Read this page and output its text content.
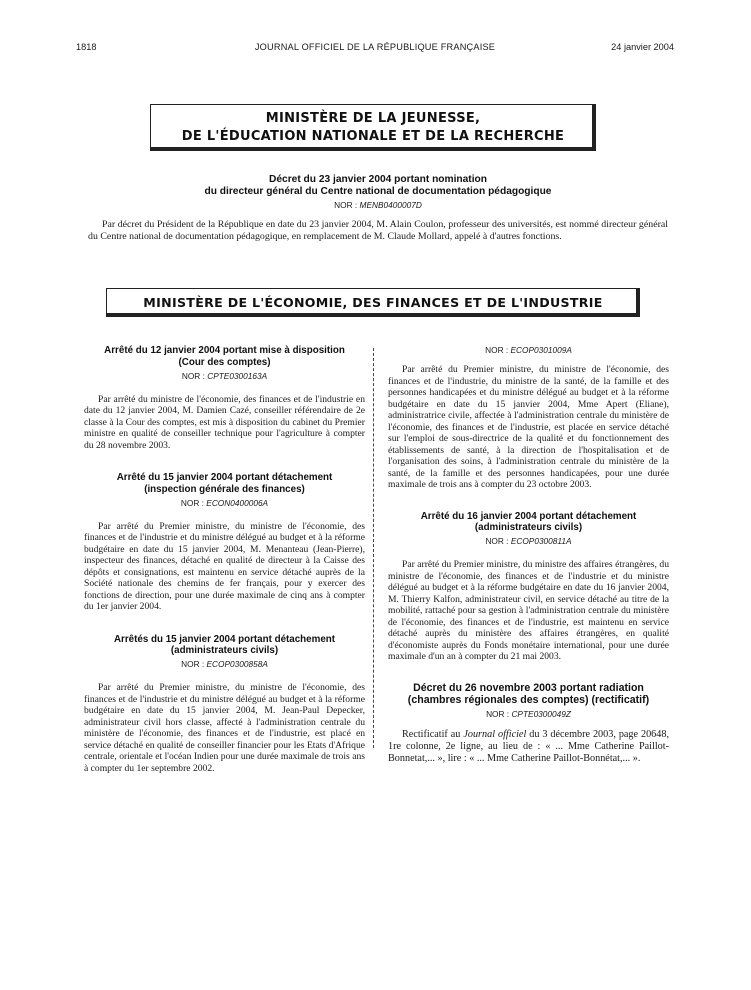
1818	JOURNAL OFFICIEL DE LA RÉPUBLIQUE FRANÇAISE	24 janvier 2004
MINISTÈRE DE LA JEUNESSE,
DE L'ÉDUCATION NATIONALE ET DE LA RECHERCHE
Décret du 23 janvier 2004 portant nomination
du directeur général du Centre national de documentation pédagogique
NOR : MENB0400007D

Par décret du Président de la République en date du 23 janvier 2004, M. Alain Coulon, professeur des universités, est nommé directeur général du Centre national de documentation pédagogique, en remplacement de M. Claude Mollard, appelé à d'autres fonctions.

MINISTÈRE DE L'ÉCONOMIE, DES FINANCES ET DE L'INDUSTRIE
Arrêté du 12 janvier 2004 portant mise à disposition
(Cour des comptes)
NOR : CPTE0300163A

Par arrêté du ministre de l'économie, des finances et de l'industrie en date du 12 janvier 2004, M. Damien Cazé, conseiller référendaire de 2e classe à la Cour des comptes, est mis à disposition du cabinet du Premier ministre en qualité de conseiller technique pour l'agriculture à compter du 28 novembre 2003.

Arrêté du 15 janvier 2004 portant détachement
(inspection générale des finances)
NOR : ECON0400006A

Par arrêté du Premier ministre, du ministre de l'économie, des finances et de l'industrie et du ministre délégué au budget et à la réforme budgétaire en date du 15 janvier 2004, M. Menanteau (Jean-Pierre), inspecteur des finances, détaché en qualité de directeur à la Caisse des dépôts et consignations, est maintenu en service détaché auprès de la Société nationale des chemins de fer français, pour y exercer des fonctions de direction, pour une durée maximale de cinq ans à compter du 1er janvier 2004.

Arrêtés du 15 janvier 2004 portant détachement
(administrateurs civils)
NOR : ECOP0300858A

Par arrêté du Premier ministre, du ministre de l'économie, des finances et de l'industrie et du ministre délégué au budget et à la réforme budgétaire en date du 15 janvier 2004, M. Jean-Paul Depecker, administrateur civil hors classe, affecté à l'administration centrale du ministère de l'économie, des finances et de l'industrie, est placé en service détaché en qualité de conseiller financier pour les Etats d'Afrique centrale, orientale et l'océan Indien pour une durée maximale de trois ans à compter du 1er septembre 2002.

NOR : ECOP0301009A

Par arrêté du Premier ministre, du ministre de l'économie, des finances et de l'industrie, du ministre de la santé, de la famille et des personnes handicapées et du ministre délégué au budget et à la réforme budgétaire en date du 15 janvier 2004, Mme Apert (Eliane), administratrice civile, affectée à l'administration centrale du ministère de l'économie, des finances et de l'industrie, est placée en service détaché sur l'emploi de sous-directrice de la qualité et du fonctionnement des établissements de santé, à la direction de l'hospitalisation et de l'organisation des soins, à l'administration centrale du ministère de la santé, de la famille et des personnes handicapées, pour une durée maximale de trois ans à compter du 23 octobre 2003.

Arrêté du 16 janvier 2004 portant détachement
(administrateurs civils)
NOR : ECOP0300811A

Par arrêté du Premier ministre, du ministre des affaires étrangères, du ministre de l'économie, des finances et de l'industrie et du ministre délégué au budget et à la réforme budgétaire en date du 16 janvier 2004, M. Thierry Kalfon, administrateur civil, en service détaché au titre de la mobilité, rattaché pour sa gestion à l'administration centrale du ministère de l'économie, des finances et de l'industrie, est maintenu en service détaché auprès du ministère des affaires étrangères, en qualité d'économiste auprès du Fonds monétaire international, pour une durée maximale d'un an à compter du 21 mai 2003.

Décret du 26 novembre 2003 portant radiation
(chambres régionales des comptes) (rectificatif)
NOR : CPTE0300049Z

Rectificatif au Journal officiel du 3 décembre 2003, page 20648, 1re colonne, 2e ligne, au lieu de : « ... Mme Catherine Paillot-Bonnetat,... », lire : « ... Mme Catherine Paillot-Bonnétat,... ».
